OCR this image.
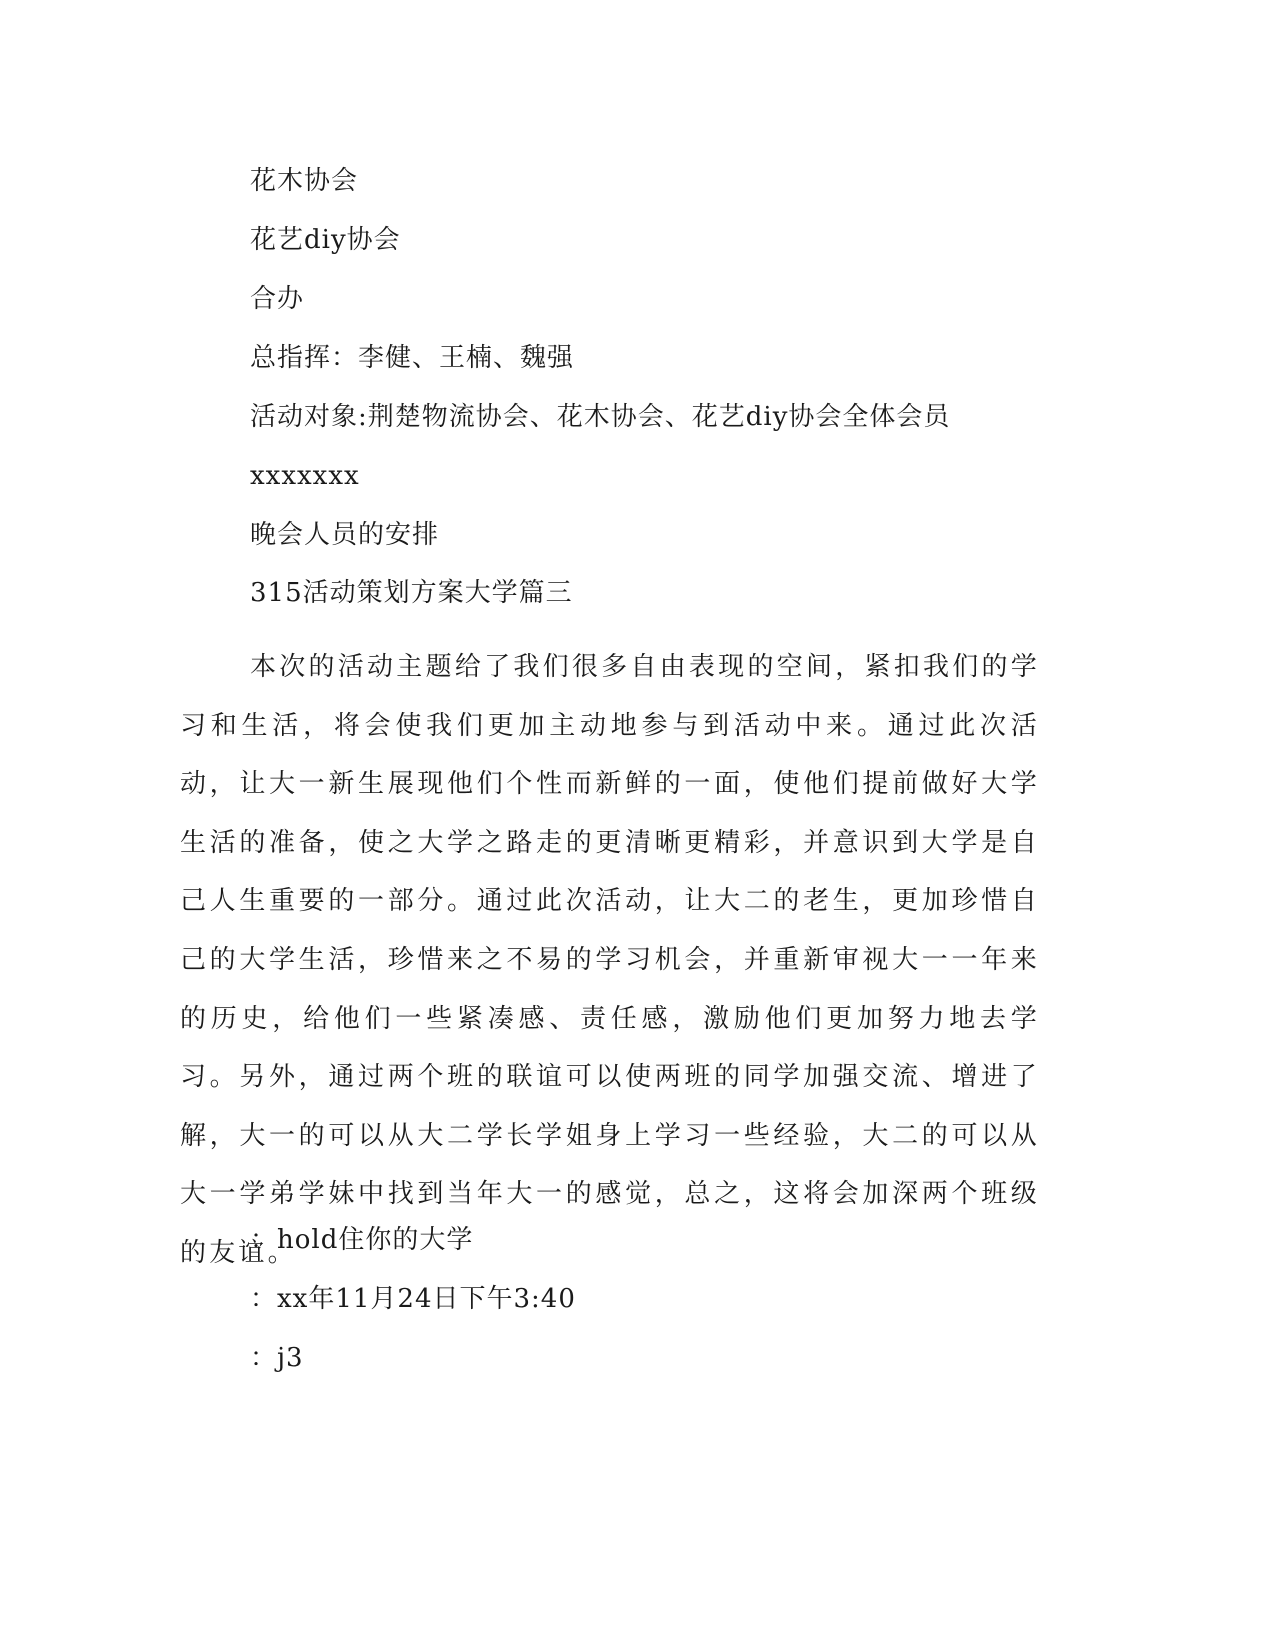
花木协会
花艺diy协会
合办
总指挥：李健、王楠、魏强
活动对象:荆楚物流协会、花木协会、花艺diy协会全体会员
xxxxxxx
晚会人员的安排
315活动策划方案大学篇三

本次的活动主题给了我们很多自由表现的空间，紧扣我们的学习和生活，将会使我们更加主动地参与到活动中来。通过此次活动，让大一新生展现他们个性而新鲜的一面，使他们提前做好大学生活的准备，使之大学之路走的更清晰更精彩，并意识到大学是自己人生重要的一部分。通过此次活动，让大二的老生，更加珍惜自己的大学生活，珍惜来之不易的学习机会，并重新审视大一一年来的历史，给他们一些紧凑感、责任感，激励他们更加努力地去学习。另外，通过两个班的联谊可以使两班的同学加强交流、增进了解，大一的可以从大二学长学姐身上学习一些经验，大二的可以从大一学弟学妹中找到当年大一的感觉，总之，这将会加深两个班级的友谊。

：hold住你的大学
：xx年11月24日下午3:40
：j3
